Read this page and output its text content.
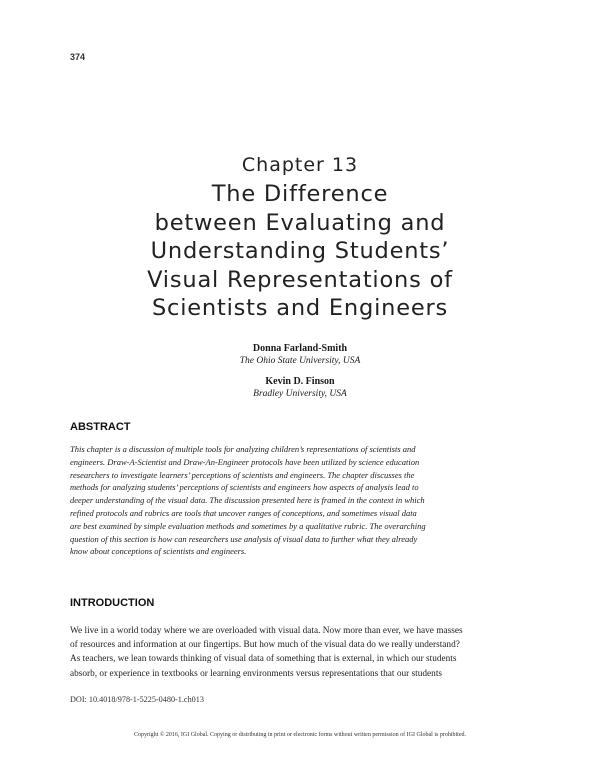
374
Chapter 13
The Difference
between Evaluating and
Understanding Students’
Visual Representations of
Scientists and Engineers
Donna Farland-Smith
The Ohio State University, USA
Kevin D. Finson
Bradley University, USA
ABSTRACT
This chapter is a discussion of multiple tools for analyzing children’s representations of scientists and
engineers. Draw-A-Scientist and Draw-An-Engineer protocols have been utilized by science education
researchers to investigate learners’ perceptions of scientists and engineers. The chapter discusses the
methods for analyzing students’ perceptions of scientists and engineers how aspects of analysis lead to
deeper understanding of the visual data. The discussion presented here is framed in the context in which
refined protocols and rubrics are tools that uncover ranges of conceptions, and sometimes visual data
are best examined by simple evaluation methods and sometimes by a qualitative rubric. The overarching
question of this section is how can researchers use analysis of visual data to further what they already
know about conceptions of scientists and engineers.
INTRODUCTION
We live in a world today where we are overloaded with visual data. Now more than ever, we have masses
of resources and information at our fingertips. But how much of the visual data do we really understand?
As teachers, we lean towards thinking of visual data of something that is external, in which our students
absorb, or experience in textbooks or learning environments versus representations that our students
DOI: 10.4018/978-1-5225-0480-1.ch013
Copyright © 2016, IGI Global. Copying or distributing in print or electronic forms without written permission of IGI Global is prohibited.
